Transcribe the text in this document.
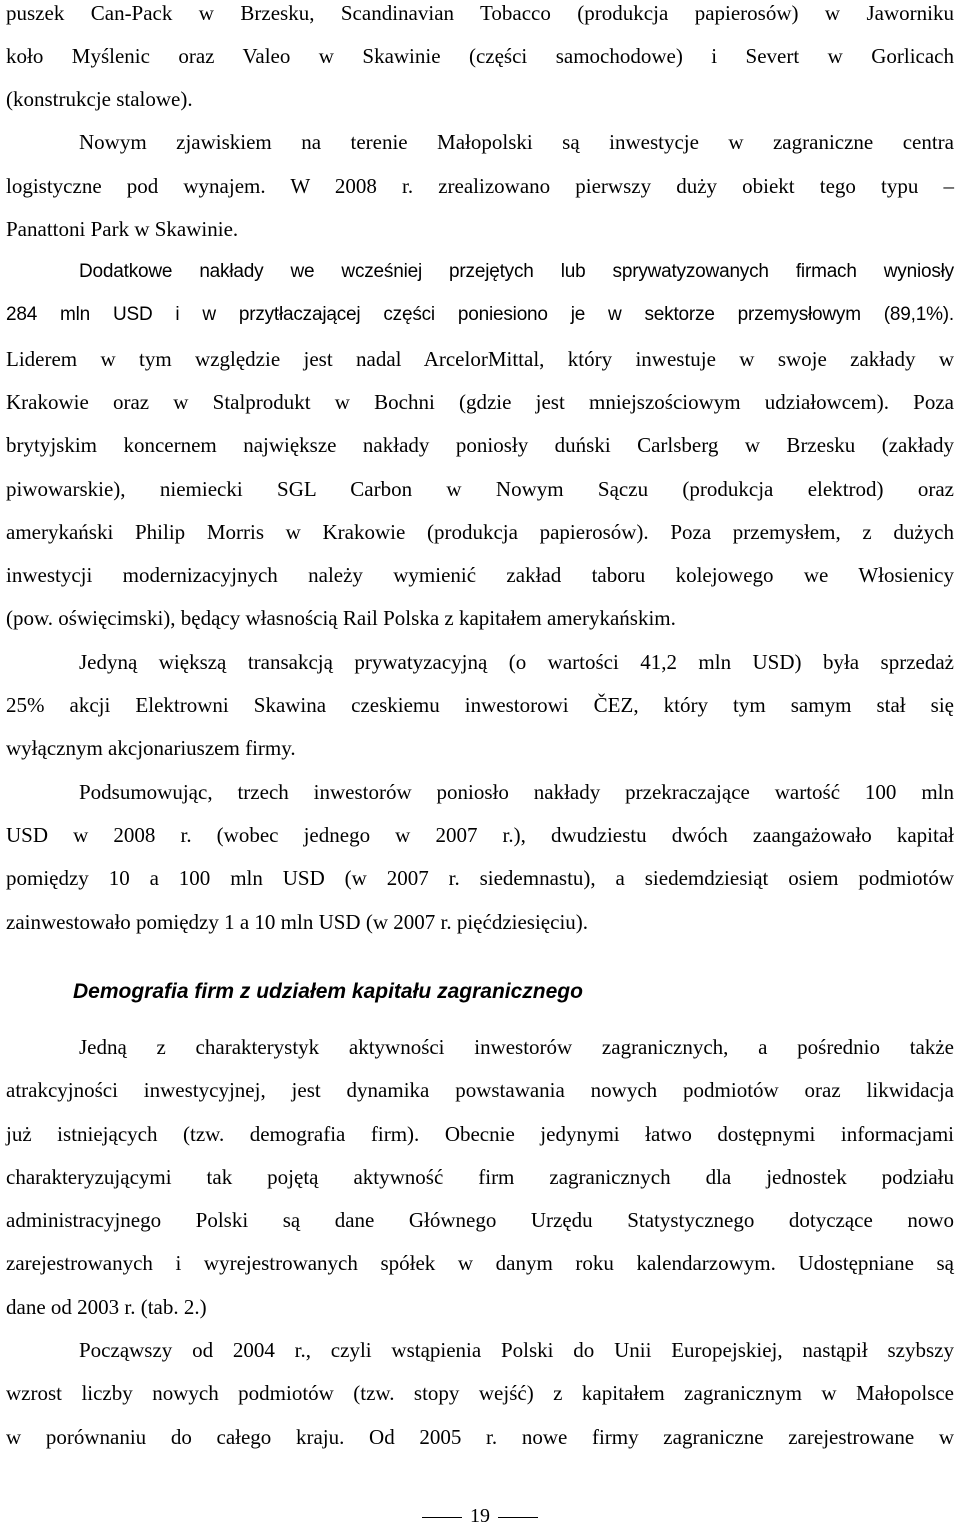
puszek Can-Pack w Brzesku, Scandinavian Tobacco (produkcja papierosów) w Jaworniku
koło Myślenic oraz Valeo w Skawinie (części samochodowe) i Severt w Gorlicach
(konstrukcje stalowe).
Nowym zjawiskiem na terenie Małopolski są inwestycje w zagraniczne centra
logistyczne pod wynajem. W 2008 r. zrealizowano pierwszy duży obiekt tego typu –
Panattoni Park w Skawinie.
Dodatkowe nakłady we wcześniej przejętych lub sprywatyzowanych firmach wyniosły
284 mln USD i w przytłaczającej części poniesiono je w sektorze przemysłowym (89,1%).
Liderem w tym względzie jest nadal ArcelorMittal, który inwestuje w swoje zakłady w
Krakowie oraz w Stalprodukt w Bochni (gdzie jest mniejszościowym udziałowcem). Poza
brytyjskim koncernem największe nakłady poniosły duński Carlsberg w Brzesku (zakłady
piwowarskie), niemiecki SGL Carbon w Nowym Sączu (produkcja elektrod) oraz
amerykański Philip Morris w Krakowie (produkcja papierosów). Poza przemysłem, z dużych
inwestycji modernizacyjnych należy wymienić zakład taboru kolejowego we Włosienicy
(pow. oświęcimski), będący własnością Rail Polska z kapitałem amerykańskim.
Jedyną większą transakcją prywatyzacyjną (o wartości 41,2 mln USD) była sprzedaż
25% akcji Elektrowni Skawina czeskiemu inwestorowi ČEZ, który tym samym stał się
wyłącznym akcjonariuszem firmy.
Podsumowując, trzech inwestorów poniosło nakłady przekraczające wartość 100 mln
USD w 2008 r. (wobec jednego w 2007 r.), dwudziestu dwóch zaangażowało kapitał
pomiędzy 10 a 100 mln USD (w 2007 r. siedemnastu), a siedemdziesiąt osiem podmiotów
zainwestowało pomiędzy 1 a 10 mln USD (w 2007 r. pięćdziesięciu).
Jedną z charakterystyk aktywności inwestorów zagranicznych, a pośrednio także
atrakcyjności inwestycyjnej, jest dynamika powstawania nowych podmiotów oraz likwidacja
już istniejących (tzw. demografia firm). Obecnie jedynymi łatwo dostępnymi informacjami
charakteryzującymi tak pojętą aktywność firm zagranicznych dla jednostek podziału
administracyjnego Polski są dane Głównego Urzędu Statystycznego dotyczące nowo
zarejestrowanych i wyrejestrowanych spółek w danym roku kalendarzowym. Udostępniane są
dane od 2003 r. (tab. 2.)
Począwszy od 2004 r., czyli wstąpienia Polski do Unii Europejskiej, nastąpił szybszy
wzrost liczby nowych podmiotów (tzw. stopy wejść) z kapitałem zagranicznym w Małopolsce
w porównaniu do całego kraju. Od 2005 r. nowe firmy zagraniczne zarejestrowane w
Demografia firm z udziałem kapitału zagranicznego
19
